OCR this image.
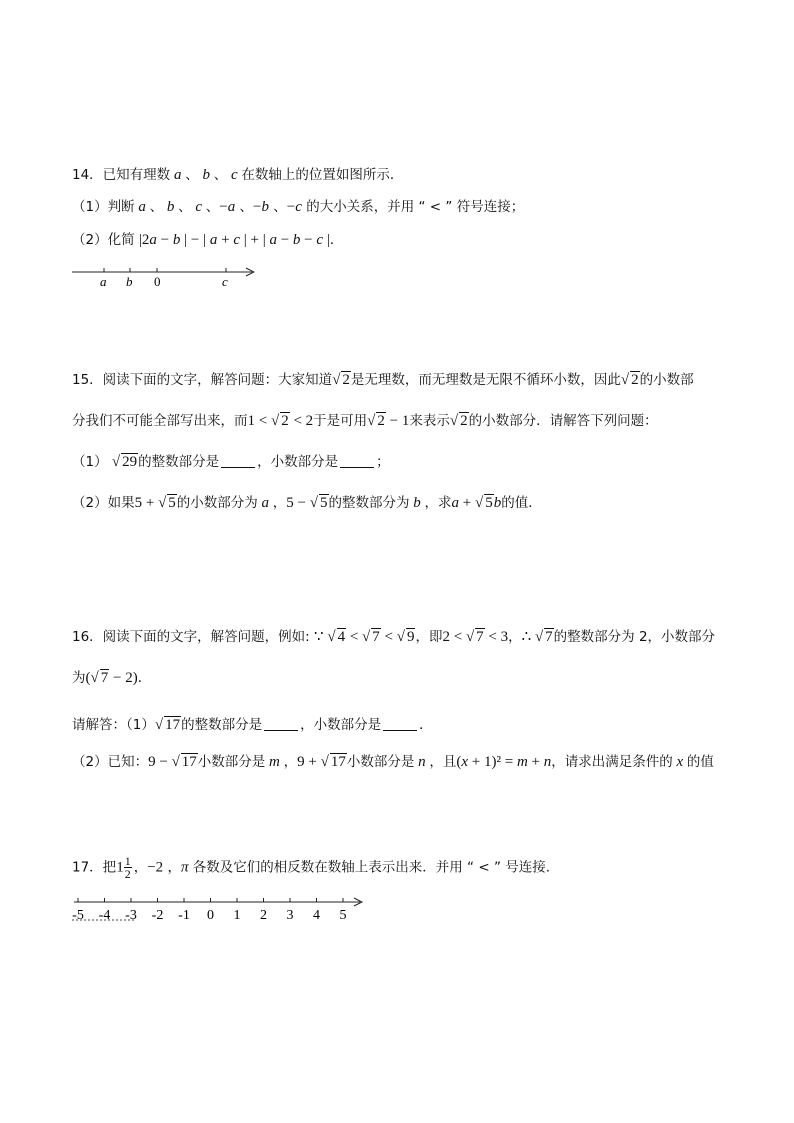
14．已知有理数 a 、 b 、 c 在数轴上的位置如图所示．
（1）判断 a 、 b 、 c 、−a 、−b 、−c 的大小关系，并用 “ < ” 符号连接；
（2）化简 |2a − b | − | a + c | + | a − b − c |．
a b 0	c
15．阅读下面的文字，解答问题：大家知道√ 2是无理数，而无理数是无限不循环小数，因此√ 2的小数部
分我们不可能全部写出来，而1 < √ 2 < 2于是可用√ 2 − 1来表示√ 2的小数部分．请解答下列问题：
（1） √ 29的整数部分是	，小数部分是	；
（2）如果5 + √ 5的小数部分为 a ，5 − √ 5的整数部分为 b ，求a + √ 5b的值．
16．阅读下面的文字，解答问题，例如: ∵ √ 4 < √ 7 < √ 9，即2 < √ 7 < 3，∴ √ 7的整数部分为 2，小数部分
为(√ 7 − 2)．
请解答：（1）√ 17的整数部分是	，小数部分是	．
（2）已知：9 − √ 17小数部分是 m ，9 + √ 17小数部分是 n ，且(x + 1)² = m + n，请求出满足条件的 x 的值
17．把$1 \frac{1}{2}$ ，−2 ，π 各数及它们的相反数在数轴上表示出来．并用 “ < ” 号连接.
-5 -4 -3 -2 -1 0 1 2 3 4 5
